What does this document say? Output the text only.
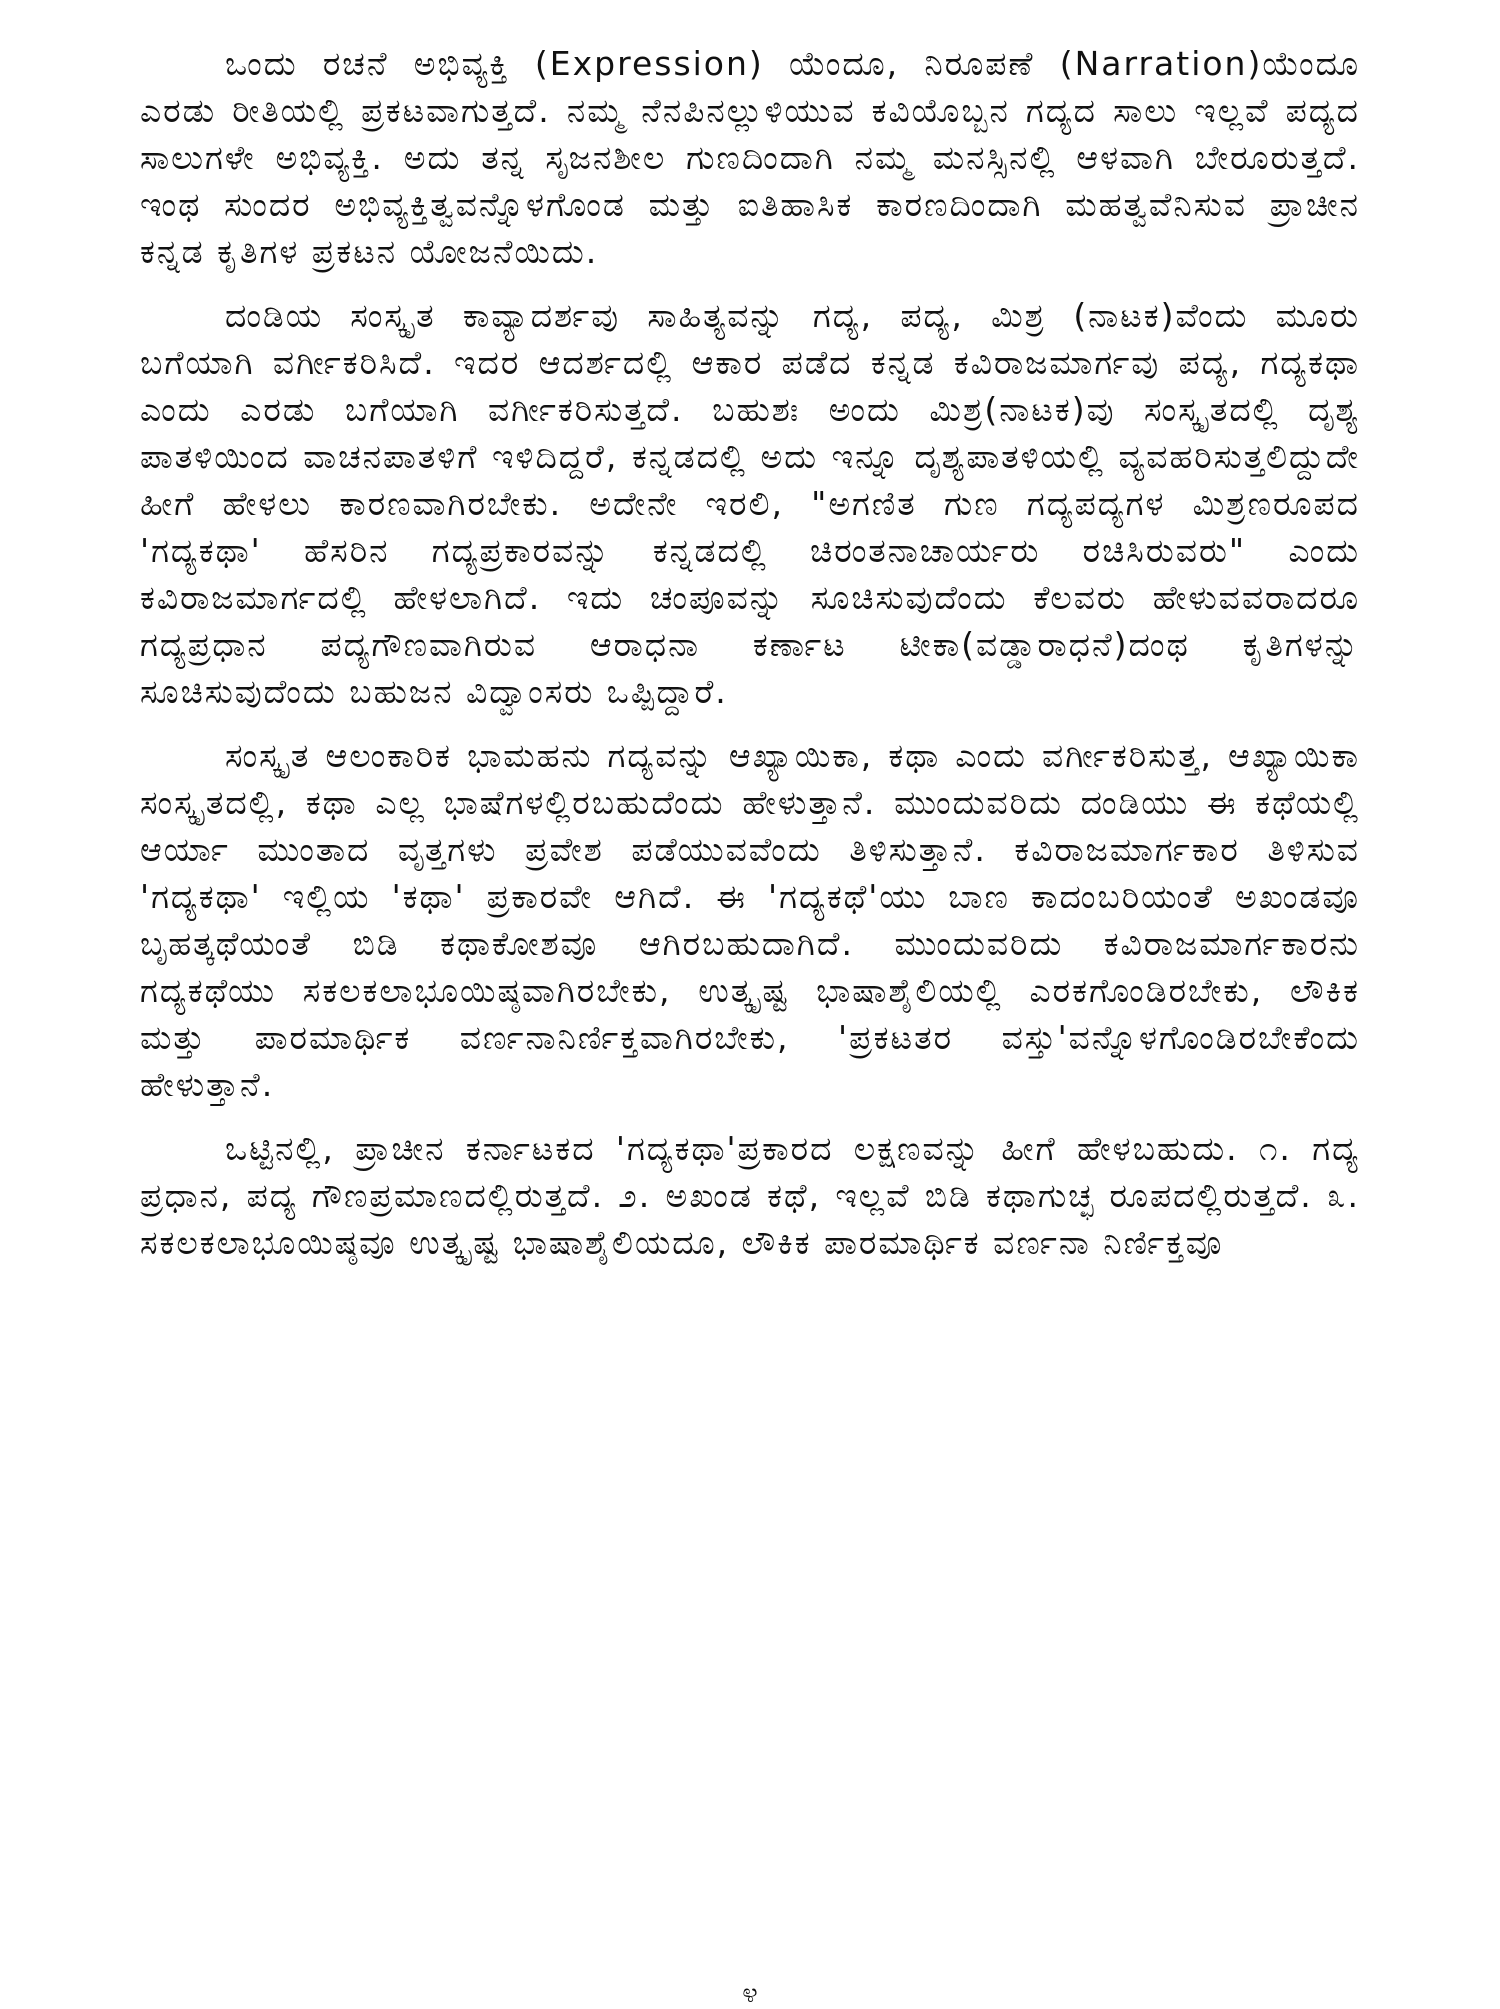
ಒಂದು ರಚನೆ ಅಭಿವ್ಯಕ್ತಿ (Expression) ಯೆಂದೂ, ನಿರೂಪಣೆ (Narration)ಯೆಂದೂ ಎರಡು ರೀತಿಯಲ್ಲಿ ಪ್ರಕಟವಾಗುತ್ತದೆ. ನಮ್ಮ ನೆನಪಿನಲ್ಲುಳಿಯುವ ಕವಿಯೊಬ್ಬನ ಗದ್ಯದ ಸಾಲು ಇಲ್ಲವೆ ಪದ್ಯದ ಸಾಲುಗಳೇ ಅಭಿವ್ಯಕ್ತಿ. ಅದು ತನ್ನ ಸೃಜನಶೀಲ ಗುಣದಿಂದಾಗಿ ನಮ್ಮ ಮನಸ್ಸಿನಲ್ಲಿ ಆಳವಾಗಿ ಬೇರೂರುತ್ತದೆ. ಇಂಥ ಸುಂದರ ಅಭಿವ್ಯಕ್ತಿತ್ವವನ್ನೊಳಗೊಂಡ ಮತ್ತು ಐತಿಹಾಸಿಕ ಕಾರಣದಿಂದಾಗಿ ಮಹತ್ವವೆನಿಸುವ ಪ್ರಾಚೀನ ಕನ್ನಡ ಕೃತಿಗಳ ಪ್ರಕಟನ ಯೋಜನೆಯಿದು.

ದಂಡಿಯ ಸಂಸ್ಕೃತ ಕಾವ್ಯಾದರ್ಶವು ಸಾಹಿತ್ಯವನ್ನು ಗದ್ಯ, ಪದ್ಯ, ಮಿಶ್ರ (ನಾಟಕ)ವೆಂದು ಮೂರು ಬಗೆಯಾಗಿ ವರ್ಗೀಕರಿಸಿದೆ. ಇದರ ಆದರ್ಶದಲ್ಲಿ ಆಕಾರ ಪಡೆದ ಕನ್ನಡ ಕವಿರಾಜಮಾರ್ಗವು ಪದ್ಯ, ಗದ್ಯಕಥಾ ಎಂದು ಎರಡು ಬಗೆಯಾಗಿ ವರ್ಗೀಕರಿಸುತ್ತದೆ. ಬಹುಶಃ ಅಂದು ಮಿಶ್ರ(ನಾಟಕ)ವು ಸಂಸ್ಕೃತದಲ್ಲಿ ದೃಶ್ಯ ಪಾತಳಿಯಿಂದ ವಾಚನಪಾತಳಿಗೆ ಇಳಿದಿದ್ದರೆ, ಕನ್ನಡದಲ್ಲಿ ಅದು ಇನ್ನೂ ದೃಶ್ಯಪಾತಳಿಯಲ್ಲಿ ವ್ಯವಹರಿಸುತ್ತಲಿದ್ದುದೇ ಹೀಗೆ ಹೇಳಲು ಕಾರಣವಾಗಿರಬೇಕು. ಅದೇನೇ ಇರಲಿ, "ಅಗಣಿತ ಗುಣ ಗದ್ಯಪದ್ಯಗಳ ಮಿಶ್ರಣರೂಪದ 'ಗದ್ಯಕಥಾ' ಹೆಸರಿನ ಗದ್ಯಪ್ರಕಾರವನ್ನು ಕನ್ನಡದಲ್ಲಿ ಚಿರಂತನಾಚಾರ್ಯರು ರಚಿಸಿರುವರು" ಎಂದು ಕವಿರಾಜಮಾರ್ಗದಲ್ಲಿ ಹೇಳಲಾಗಿದೆ. ಇದು ಚಂಪೂವನ್ನು ಸೂಚಿಸುವುದೆಂದು ಕೆಲವರು ಹೇಳುವವರಾದರೂ ಗದ್ಯಪ್ರಧಾನ ಪದ್ಯಗೌಣವಾಗಿರುವ ಆರಾಧನಾ ಕರ್ಣಾಟ ಟೀಕಾ(ವಡ್ಡಾರಾಧನೆ)ದಂಥ ಕೃತಿಗಳನ್ನು ಸೂಚಿಸುವುದೆಂದು ಬಹುಜನ ವಿದ್ವಾಂಸರು ಒಪ್ಪಿದ್ದಾರೆ.

ಸಂಸ್ಕೃತ ಆಲಂಕಾರಿಕ ಭಾಮಹನು ಗದ್ಯವನ್ನು ಆಖ್ಯಾಯಿಕಾ, ಕಥಾ ಎಂದು ವರ್ಗೀಕರಿಸುತ್ತ, ಆಖ್ಯಾಯಿಕಾ ಸಂಸ್ಕೃತದಲ್ಲಿ, ಕಥಾ ಎಲ್ಲ ಭಾಷೆಗಳಲ್ಲಿರಬಹುದೆಂದು ಹೇಳುತ್ತಾನೆ. ಮುಂದುವರಿದು ದಂಡಿಯು ಈ ಕಥೆಯಲ್ಲಿ ಆರ್ಯಾ ಮುಂತಾದ ವೃತ್ತಗಳು ಪ್ರವೇಶ ಪಡೆಯುವವೆಂದು ತಿಳಿಸುತ್ತಾನೆ. ಕವಿರಾಜಮಾರ್ಗಕಾರ ತಿಳಿಸುವ 'ಗದ್ಯಕಥಾ' ಇಲ್ಲಿಯ 'ಕಥಾ' ಪ್ರಕಾರವೇ ಆಗಿದೆ. ಈ 'ಗದ್ಯಕಥೆ'ಯು ಬಾಣ ಕಾದಂಬರಿಯಂತೆ ಅಖಂಡವೂ ಬೃಹತ್ಕಥೆಯಂತೆ ಬಿಡಿ ಕಥಾಕೋಶವೂ ಆಗಿರಬಹುದಾಗಿದೆ. ಮುಂದುವರಿದು ಕವಿರಾಜಮಾರ್ಗಕಾರನು ಗದ್ಯಕಥೆಯು ಸಕಲಕಲಾಭೂಯಿಷ್ಠವಾಗಿರಬೇಕು, ಉತ್ಕೃಷ್ಟ ಭಾಷಾಶೈಲಿಯಲ್ಲಿ ಎರಕಗೊಂಡಿರಬೇಕು, ಲೌಕಿಕ ಮತ್ತು ಪಾರಮಾರ್ಥಿಕ ವರ್ಣನಾನಿರ್ಣಿಕ್ತವಾಗಿರಬೇಕು, 'ಪ್ರಕಟತರ ವಸ್ತು'ವನ್ನೊಳಗೊಂಡಿರಬೇಕೆಂದು ಹೇಳುತ್ತಾನೆ.

ಒಟ್ಟಿನಲ್ಲಿ, ಪ್ರಾಚೀನ ಕರ್ನಾಟಕದ 'ಗದ್ಯಕಥಾ'ಪ್ರಕಾರದ ಲಕ್ಷಣವನ್ನು ಹೀಗೆ ಹೇಳಬಹುದು. ೧. ಗದ್ಯ ಪ್ರಧಾನ, ಪದ್ಯ ಗೌಣಪ್ರಮಾಣದಲ್ಲಿರುತ್ತದೆ. ೨. ಅಖಂಡ ಕಥೆ, ಇಲ್ಲವೆ ಬಿಡಿ ಕಥಾಗುಚ್ಛ ರೂಪದಲ್ಲಿರುತ್ತದೆ. ೩. ಸಕಲಕಲಾಭೂಯಿಷ್ಠವೂ ಉತ್ಕೃಷ್ಟ ಭಾಷಾಶೈಲಿಯದೂ, ಲೌಕಿಕ ಪಾರಮಾರ್ಥಿಕ ವರ್ಣನಾ ನಿರ್ಣಿಕ್ತವೂ

೪
